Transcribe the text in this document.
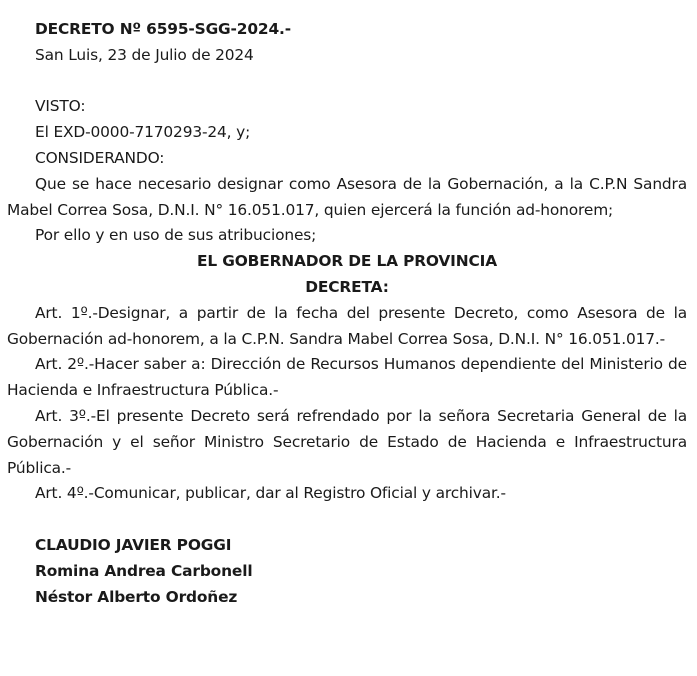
DECRETO Nº 6595-SGG-2024.-
San Luis, 23 de Julio de 2024
VISTO:
El EXD-0000-7170293-24, y;
CONSIDERANDO:

Que se hace necesario designar como Asesora de la Gobernación, a la C.P.N Sandra Mabel Correa Sosa, D.N.I. N° 16.051.017, quien ejercerá la función ad-honorem;

Por ello y en uso de sus atribuciones;
EL GOBERNADOR DE LA PROVINCIA
DECRETA:

Art. 1º.-Designar, a partir de la fecha del presente Decreto, como Asesora de la Gobernación ad-honorem, a la C.P.N. Sandra Mabel Correa Sosa, D.N.I. N° 16.051.017.-

Art. 2º.-Hacer saber a: Dirección de Recursos Humanos dependiente del Ministerio de Hacienda e Infraestructura Pública.-

Art. 3º.-El presente Decreto será refrendado por la señora Secretaria General de la Gobernación y el señor Ministro Secretario de Estado de Hacienda e Infraestructura Pública.-

Art. 4º.-Comunicar, publicar, dar al Registro Oficial y archivar.-

CLAUDIO JAVIER POGGI
Romina Andrea Carbonell
Néstor Alberto Ordoñez
